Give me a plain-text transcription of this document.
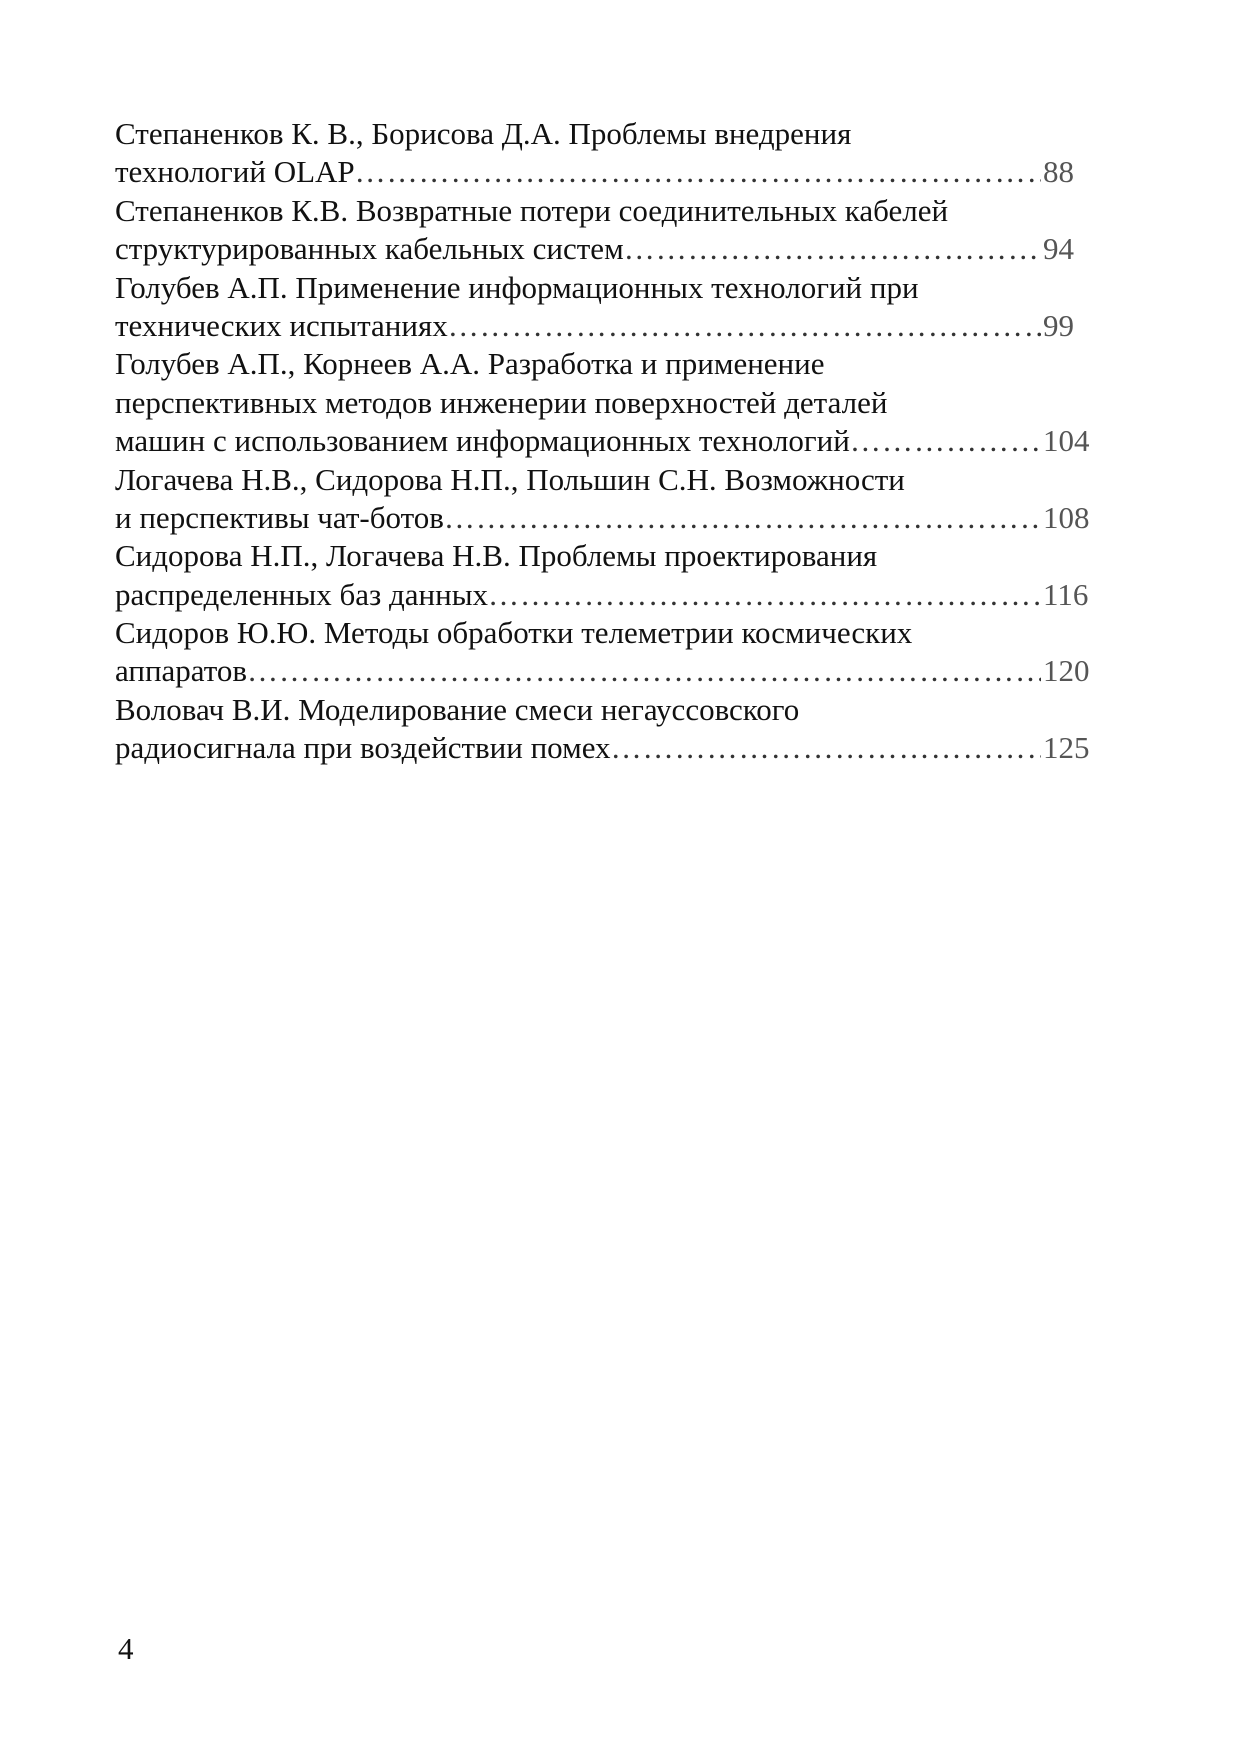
Степаненков К. В., Борисова Д.А. Проблемы внедрения
технологий OLAP ……………………………………………………………………………………………………………………………………………………	88
Степаненков К.В. Возвратные потери соединительных кабелей
структурированных кабельных систем ……………………………………………………………………………………………………………………………………………………	94
Голубев А.П. Применение информационных технологий при
технических испытаниях ……………………………………………………………………………………………………………………………………………………	99
Голубев А.П., Корнеев А.А. Разработка и применение
перспективных методов инженерии поверхностей деталей
машин с использованием информационных технологий ……………………………………………………………………………………………………………………………………………………	104
Логачева Н.В., Сидорова Н.П., Польшин С.Н. Возможности
и перспективы чат-ботов ……………………………………………………………………………………………………………………………………………………	108
Сидорова Н.П., Логачева Н.В. Проблемы проектирования
распределенных баз данных ……………………………………………………………………………………………………………………………………………………	116
Сидоров Ю.Ю. Методы обработки телеметрии космических
аппаратов ……………………………………………………………………………………………………………………………………………………	120
Воловач В.И. Моделирование смеси негауссовского
радиосигнала при воздействии помех ……………………………………………………………………………………………………………………………………………………	125
4
